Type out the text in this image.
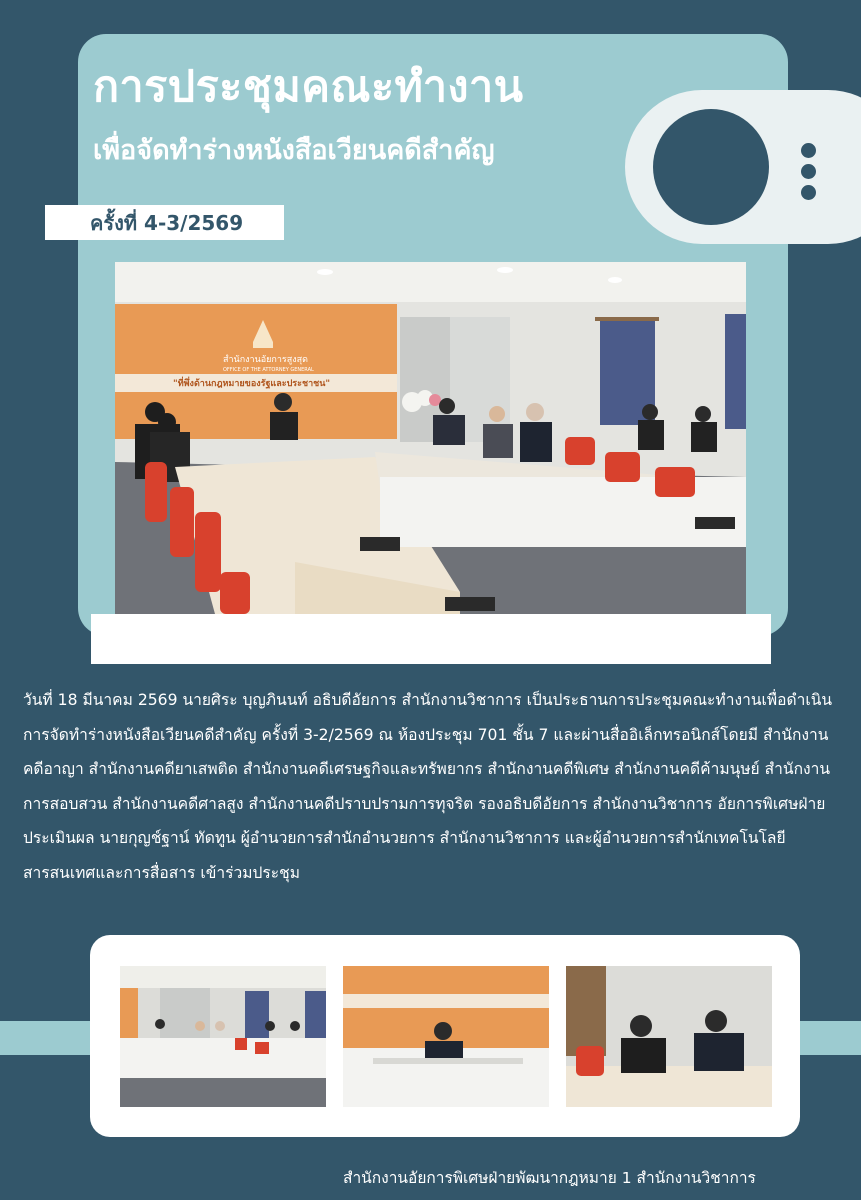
การประชุมคณะทำงาน
เพื่อจัดทำร่างหนังสือเวียนคดีสำคัญ
ครั้งที่ 4-3/2569
สำนักงานอัยการสูงสุด
OFFICE OF THE ATTORNEY GENERAL
"ที่พึ่งด้านกฎหมายของรัฐและประชาชน"

วันที่ 18 มีนาคม 2569 นายศิระ บุญภินนท์ อธิบดีอัยการ สำนักงานวิชาการ เป็นประธานการประชุมคณะทำงานเพื่อดำเนินการจัดทำร่างหนังสือเวียนคดีสำคัญ ครั้งที่ 3-2/2569 ณ ห้องประชุม 701 ชั้น 7 และผ่านสื่ออิเล็กทรอนิกส์โดยมี สำนักงานคดีอาญา สำนักงานคดียาเสพติด สำนักงานคดีเศรษฐกิจและทรัพยากร สำนักงานคดีพิเศษ สำนักงานคดีค้ามนุษย์ สำนักงานการสอบสวน สำนักงานคดีศาลสูง สำนักงานคดีปราบปรามการทุจริต รองอธิบดีอัยการ สำนักงานวิชาการ อัยการพิเศษฝ่ายประเมินผล นายกุญช์ฐาน์ ทัดทูน ผู้อำนวยการสำนักอำนวยการ สำนักงานวิชาการ และผู้อำนวยการสำนักเทคโนโลยีสารสนเทศและการสื่อสาร เข้าร่วมประชุม

สำนักงานอัยการพิเศษฝ่ายพัฒนากฎหมาย 1 สำนักงานวิชาการ
